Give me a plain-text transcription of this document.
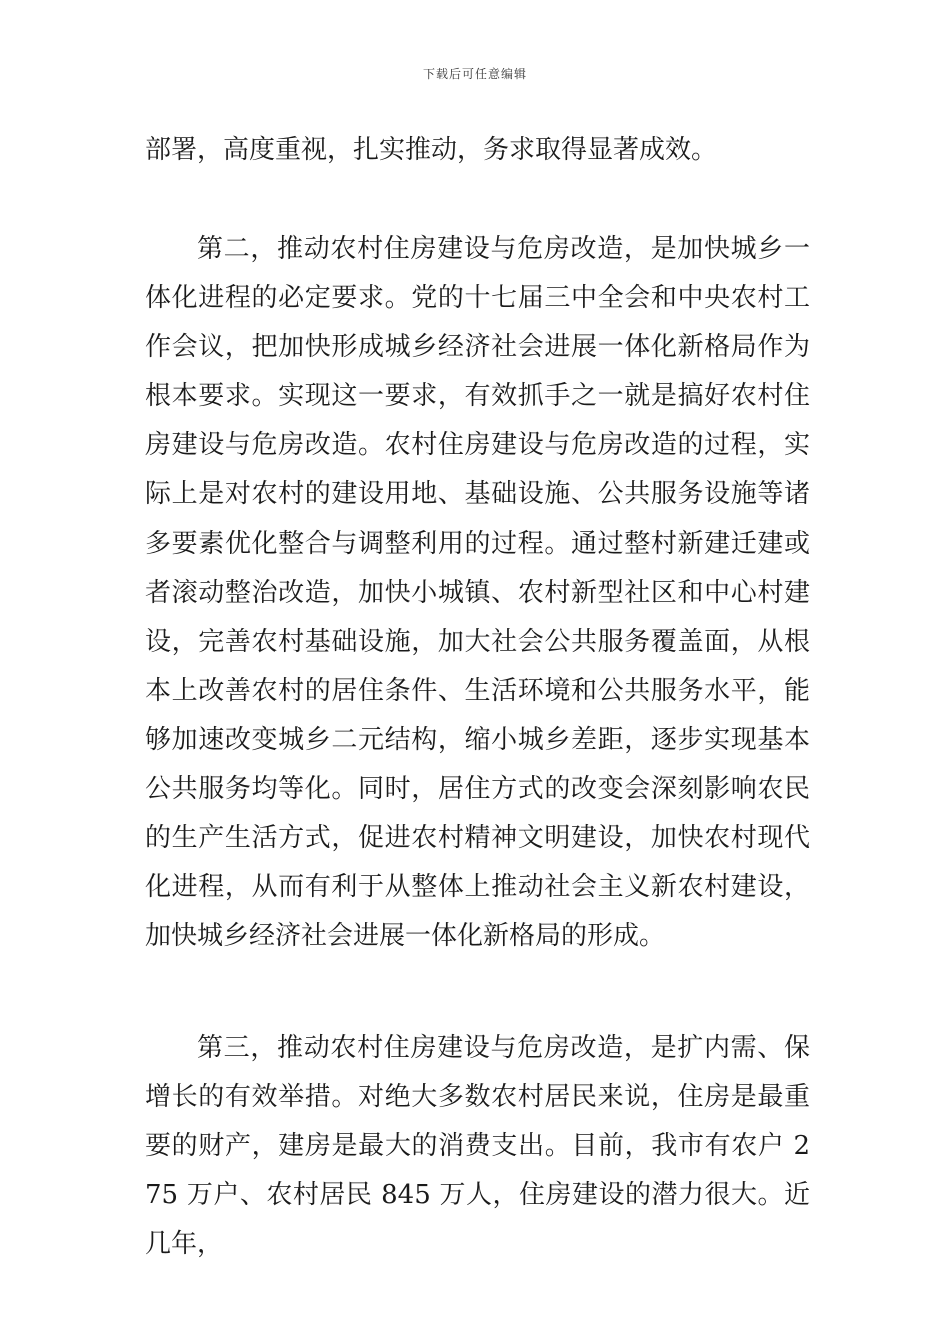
下载后可任意编辑

部署，高度重视，扎实推动，务求取得显著成效。

第二，推动农村住房建设与危房改造，是加快城乡一体化进程的必定要求。党的十七届三中全会和中央农村工作会议，把加快形成城乡经济社会进展一体化新格局作为根本要求。实现这一要求，有效抓手之一就是搞好农村住房建设与危房改造。农村住房建设与危房改造的过程，实际上是对农村的建设用地、基础设施、公共服务设施等诸多要素优化整合与调整利用的过程。通过整村新建迁建或者滚动整治改造，加快小城镇、农村新型社区和中心村建设，完善农村基础设施，加大社会公共服务覆盖面，从根本上改善农村的居住条件、生活环境和公共服务水平，能够加速改变城乡二元结构，缩小城乡差距，逐步实现基本公共服务均等化。同时，居住方式的改变会深刻影响农民的生产生活方式，促进农村精神文明建设，加快农村现代化进程，从而有利于从整体上推动社会主义新农村建设，加快城乡经济社会进展一体化新格局的形成。

第三，推动农村住房建设与危房改造，是扩内需、保增长的有效举措。对绝大多数农村居民来说，住房是最重要的财产，建房是最大的消费支出。目前，我市有农户 275 万户、农村居民 845 万人，住房建设的潜力很大。近几年，
